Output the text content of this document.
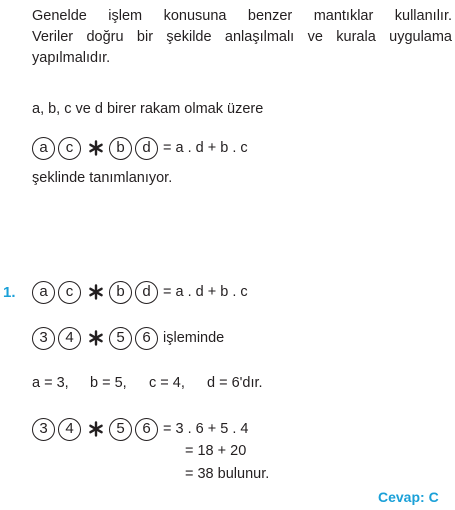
Genelde işlem konusuna benzer mantıklar kullanılır.
Veriler doğru bir şekilde anlaşılmalı ve kurala uygulama
yapılmalıdır.
a, b, c ve d birer rakam olmak üzere
a	c	b	d = a . d + b . c
şeklinde tanımlanıyor.
1.	a	c	b	d = a . d + b . c
3	4	5	6 işleminde
a = 3, b = 5, c = 4, d = 6'dır.
3	4	5	6 = 3 . 6 + 5 . 4
= 18 + 20
= 38 bulunur.
Cevap: C
